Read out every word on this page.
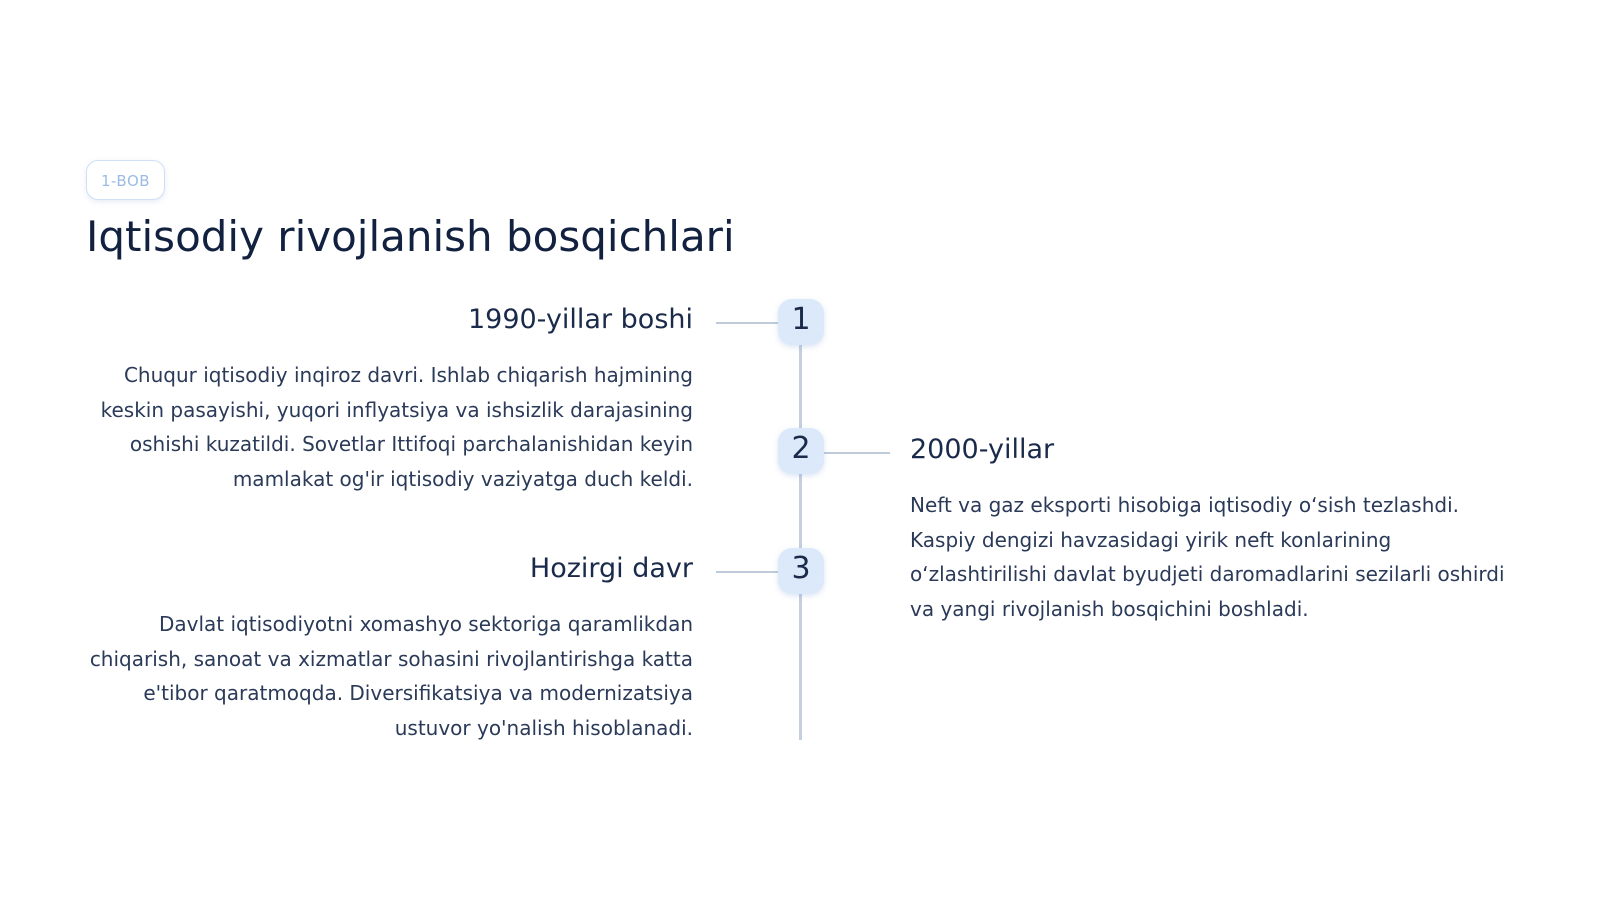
1-BOB
Iqtisodiy rivojlanish bosqichlari
1
1990-yillar boshi

Chuqur iqtisodiy inqiroz davri. Ishlab chiqarish hajmining keskin pasayishi, yuqori inflyatsiya va ishsizlik darajasining oshishi kuzatildi. Sovetlar Ittifoqi parchalanishidan keyin mamlakat og'ir iqtisodiy vaziyatga duch keldi.

2	2000-yillar

Neft va gaz eksporti hisobiga iqtisodiy o‘sish tezlashdi. Kaspiy dengizi havzasidagi yirik neft konlarining o‘zlashtirilishi davlat byudjeti daromadlarini sezilarli oshirdi va yangi rivojlanish bosqichini boshladi.

3
Hozirgi davr

Davlat iqtisodiyotni xomashyo sektoriga qaramlikdan chiqarish, sanoat va xizmatlar sohasini rivojlantirishga katta e'tibor qaratmoqda. Diversifikatsiya va modernizatsiya ustuvor yo'nalish hisoblanadi.
